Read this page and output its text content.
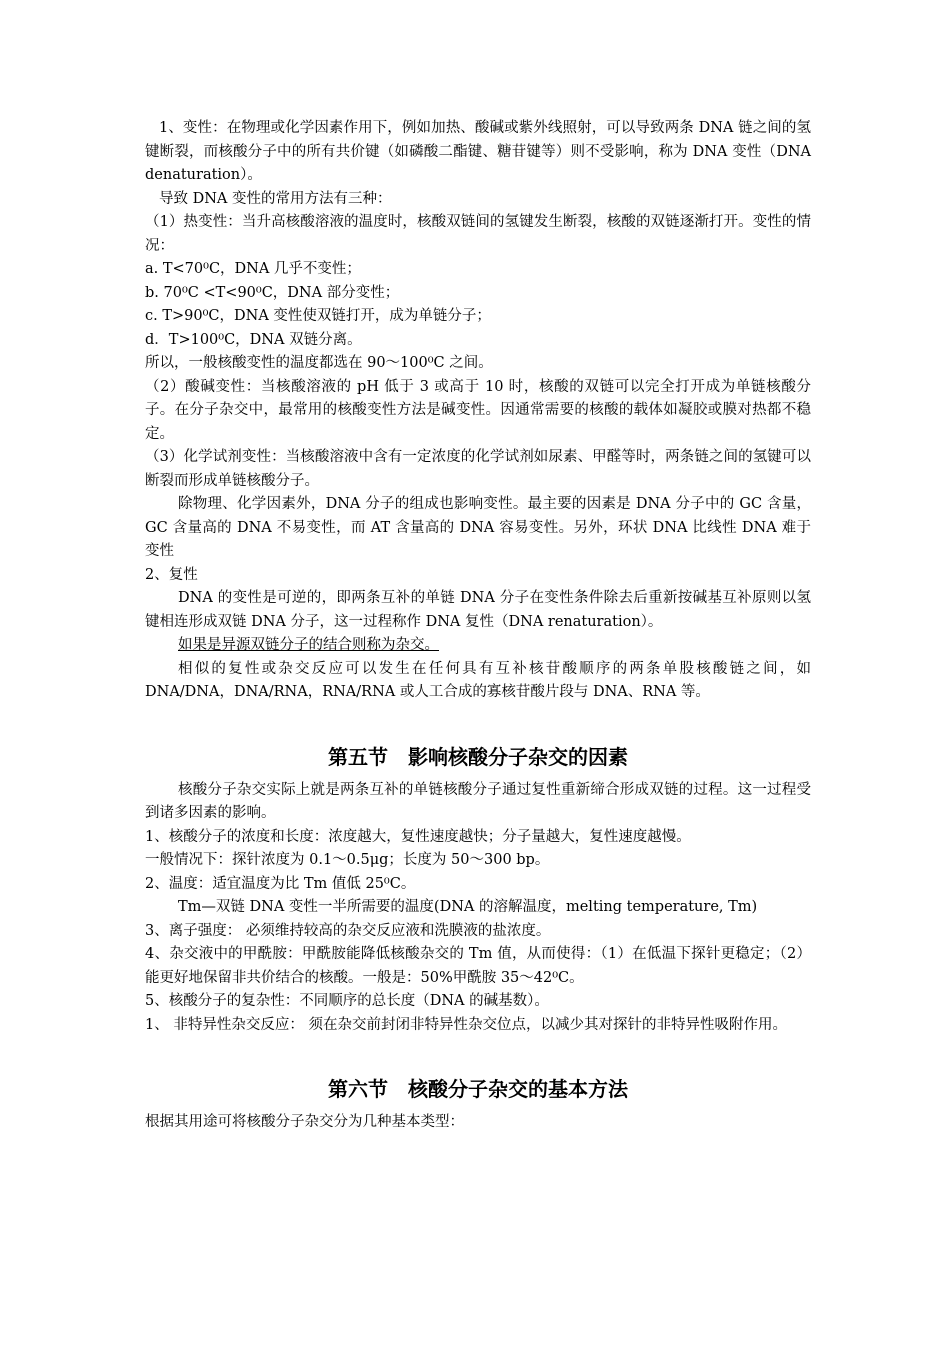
1、变性：在物理或化学因素作用下，例如加热、酸碱或紫外线照射，可以导致两条 DNA 链之间的氢键断裂，而核酸分子中的所有共价键（如磷酸二酯键、糖苷键等）则不受影响，称为 DNA 变性（DNA denaturation）。

导致 DNA 变性的常用方法有三种：

（1）热变性：当升高核酸溶液的温度时，核酸双链间的氢键发生断裂，核酸的双链逐渐打开。变性的情况：

a. T<70⁰C，DNA 几乎不变性；

b. 70⁰C <T<90⁰C，DNA 部分变性；

c. T>90⁰C，DNA 变性使双链打开，成为单链分子；

d．T>100⁰C，DNA 双链分离。

所以，一般核酸变性的温度都选在 90～100⁰C 之间。

（2）酸碱变性：当核酸溶液的 pH 低于 3 或高于 10 时，核酸的双链可以完全打开成为单链核酸分子。在分子杂交中，最常用的核酸变性方法是碱变性。因通常需要的核酸的载体如凝胶或膜对热都不稳定。

（3）化学试剂变性：当核酸溶液中含有一定浓度的化学试剂如尿素、甲醛等时，两条链之间的氢键可以断裂而形成单链核酸分子。

除物理、化学因素外，DNA 分子的组成也影响变性。最主要的因素是 DNA 分子中的 GC 含量，GC 含量高的 DNA 不易变性，而 AT 含量高的 DNA 容易变性。另外，环状 DNA 比线性 DNA 难于变性

2、复性

DNA 的变性是可逆的，即两条互补的单链 DNA 分子在变性条件除去后重新按碱基互补原则以氢键相连形成双链 DNA 分子，这一过程称作 DNA 复性（DNA renaturation）。

如果是异源双链分子的结合则称为杂交。

相似的复性或杂交反应可以发生在任何具有互补核苷酸顺序的两条单股核酸链之间，如 DNA/DNA，DNA/RNA，RNA/RNA 或人工合成的寡核苷酸片段与 DNA、RNA 等。

第五节　影响核酸分子杂交的因素

核酸分子杂交实际上就是两条互补的单链核酸分子通过复性重新缔合形成双链的过程。这一过程受到诸多因素的影响。

1、核酸分子的浓度和长度：浓度越大，复性速度越快；分子量越大，复性速度越慢。

一般情况下：探针浓度为 0.1～0.5μg；长度为 50～300 bp。

2、温度：适宜温度为比 Tm 值低 25⁰C。

Tm—双链 DNA 变性一半所需要的温度(DNA 的溶解温度，melting temperature, Tm)

3、离子强度： 必须维持较高的杂交反应液和洗膜液的盐浓度。

4、杂交液中的甲酰胺：甲酰胺能降低核酸杂交的 Tm 值，从而使得：（1）在低温下探针更稳定；（2）能更好地保留非共价结合的核酸。一般是：50%甲酰胺 35～42⁰C。

5、核酸分子的复杂性：不同顺序的总长度（DNA 的碱基数）。

1、 非特异性杂交反应： 须在杂交前封闭非特异性杂交位点，以减少其对探针的非特异性吸附作用。

第六节　核酸分子杂交的基本方法

根据其用途可将核酸分子杂交分为几种基本类型：
